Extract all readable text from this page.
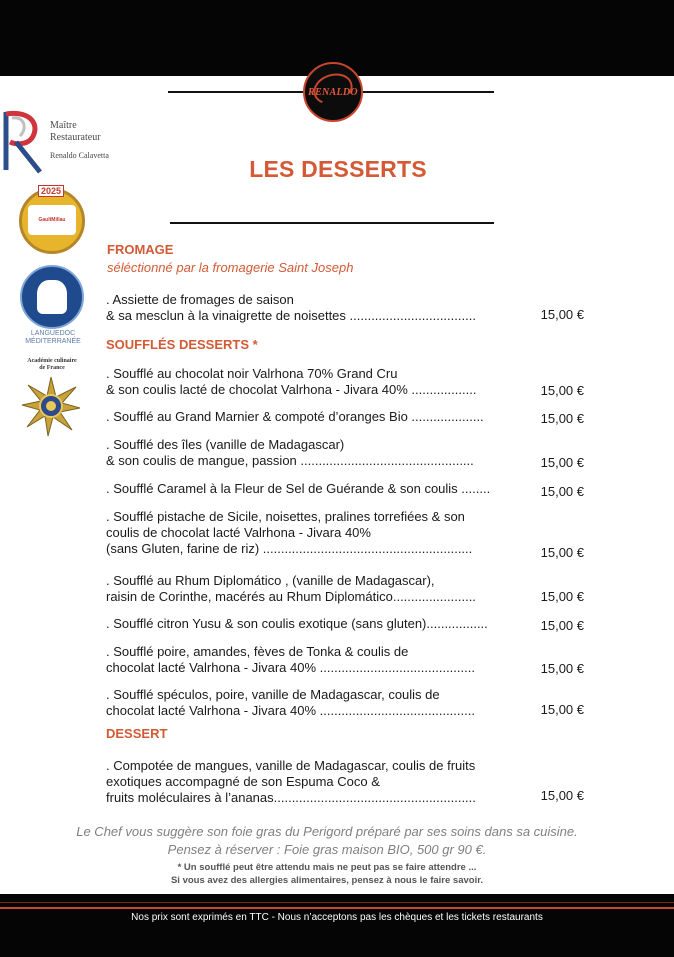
RENALDO
Maître
Restaurateur
Renaldo Calavetta
2025
GaultMillau
LANGUEDOC
MÉDITERRANÉE
Académie culinaire
de France
LES DESSERTS
FROMAGE
séléctionné par la fromagerie Saint Joseph
. Assiette de fromages de saison
& sa mesclun à la vinaigrette de noisettes ...................................	15,00 €
SOUFFLÉS DESSERTS *
. Soufflé au chocolat noir Valrhona 70% Grand Cru
& son coulis lacté de chocolat Valrhona - Jivara 40% ..................	15,00 €
. Soufflé au Grand Marnier & compoté d’oranges Bio ....................	15,00 €
. Soufflé des îles (vanille de Madagascar)
& son coulis de mangue, passion ................................................	15,00 €
. Soufflé Caramel à la Fleur de Sel de Guérande & son coulis ........	15,00 €
. Soufflé pistache de Sicile, noisettes, pralines torrefiées & son
coulis de chocolat lacté Valrhona - Jivara 40%
(sans Gluten, farine de riz) ..........................................................	15,00 €
. Soufflé au Rhum Diplomático , (vanille de Madagascar),
raisin de Corinthe, macérés au Rhum Diplomático.......................	15,00 €
. Soufflé citron Yusu & son coulis exotique (sans gluten).................	15,00 €
. Soufflé poire, amandes, fèves de Tonka & coulis de
chocolat lacté Valrhona - Jivara 40% ...........................................	15,00 €
. Soufflé spéculos, poire, vanille de Madagascar, coulis de
chocolat lacté Valrhona - Jivara 40% ...........................................	15,00 €
DESSERT
. Compotée de mangues, vanille de Madagascar, coulis de fruits
exotiques accompagné de son Espuma Coco &
fruits moléculaires à l’ananas........................................................	15,00 €
Le Chef vous suggère son foie gras du Perigord préparé par ses soins dans sa cuisine.
Pensez à réserver : Foie gras maison BIO, 500 gr 90 €.
* Un soufflé peut être attendu mais ne peut pas se faire attendre ...
Si vous avez des allergies alimentaires, pensez à nous le faire savoir.
Nos prix sont exprimés en TTC - Nous n’acceptons pas les chèques et les tickets restaurants
